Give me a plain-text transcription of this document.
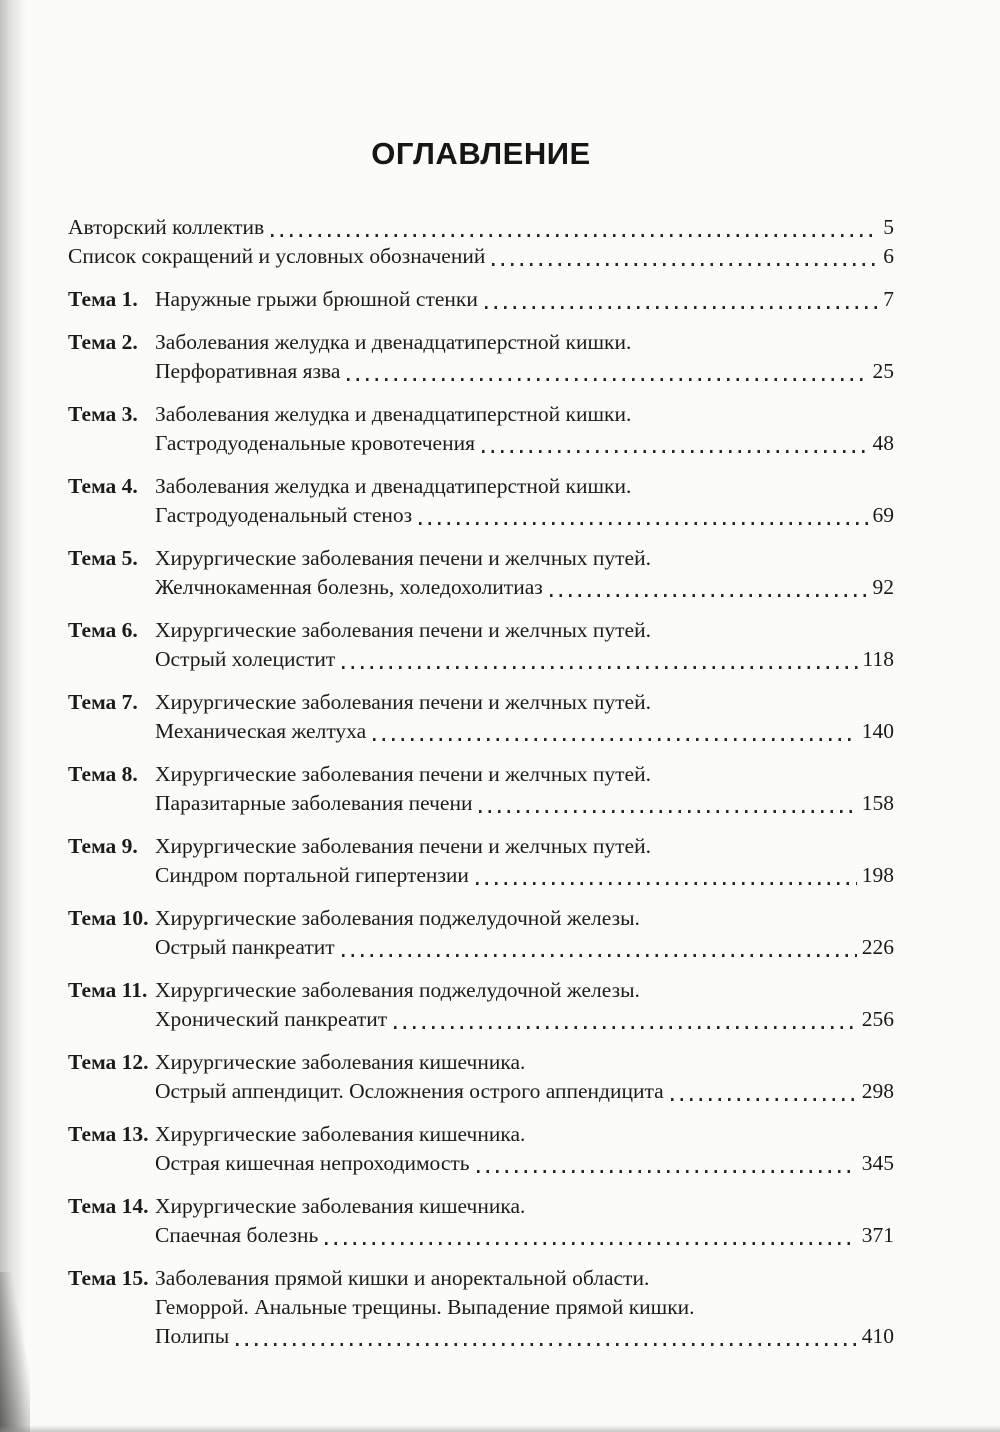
ОГЛАВЛЕНИЕ
Авторский коллектив	5
Список сокращений и условных обозначений	6
Тема 1. Наружные грыжи брюшной стенки	7
Тема 2. Заболевания желудка и двенадцатиперстной кишки.
Перфоративная язва	25
Тема 3. Заболевания желудка и двенадцатиперстной кишки.
Гастродуоденальные кровотечения	48
Тема 4. Заболевания желудка и двенадцатиперстной кишки.
Гастродуоденальный стеноз	69
Тема 5. Хирургические заболевания печени и желчных путей.
Желчнокаменная болезнь, холедохолитиаз	92
Тема 6. Хирургические заболевания печени и желчных путей.
Острый холецистит	118
Тема 7. Хирургические заболевания печени и желчных путей.
Механическая желтуха	140
Тема 8. Хирургические заболевания печени и желчных путей.
Паразитарные заболевания печени	158
Тема 9. Хирургические заболевания печени и желчных путей.
Синдром портальной гипертензии	198
Тема 10. Хирургические заболевания поджелудочной железы.
Острый панкреатит	226
Тема 11. Хирургические заболевания поджелудочной железы.
Хронический панкреатит	256
Тема 12. Хирургические заболевания кишечника.
Острый аппендицит. Осложнения острого аппендицита	298
Тема 13. Хирургические заболевания кишечника.
Острая кишечная непроходимость	345
Тема 14. Хирургические заболевания кишечника.
Спаечная болезнь	371
Тема 15. Заболевания прямой кишки и аноректальной области.
Геморрой. Анальные трещины. Выпадение прямой кишки.
Полипы	410
